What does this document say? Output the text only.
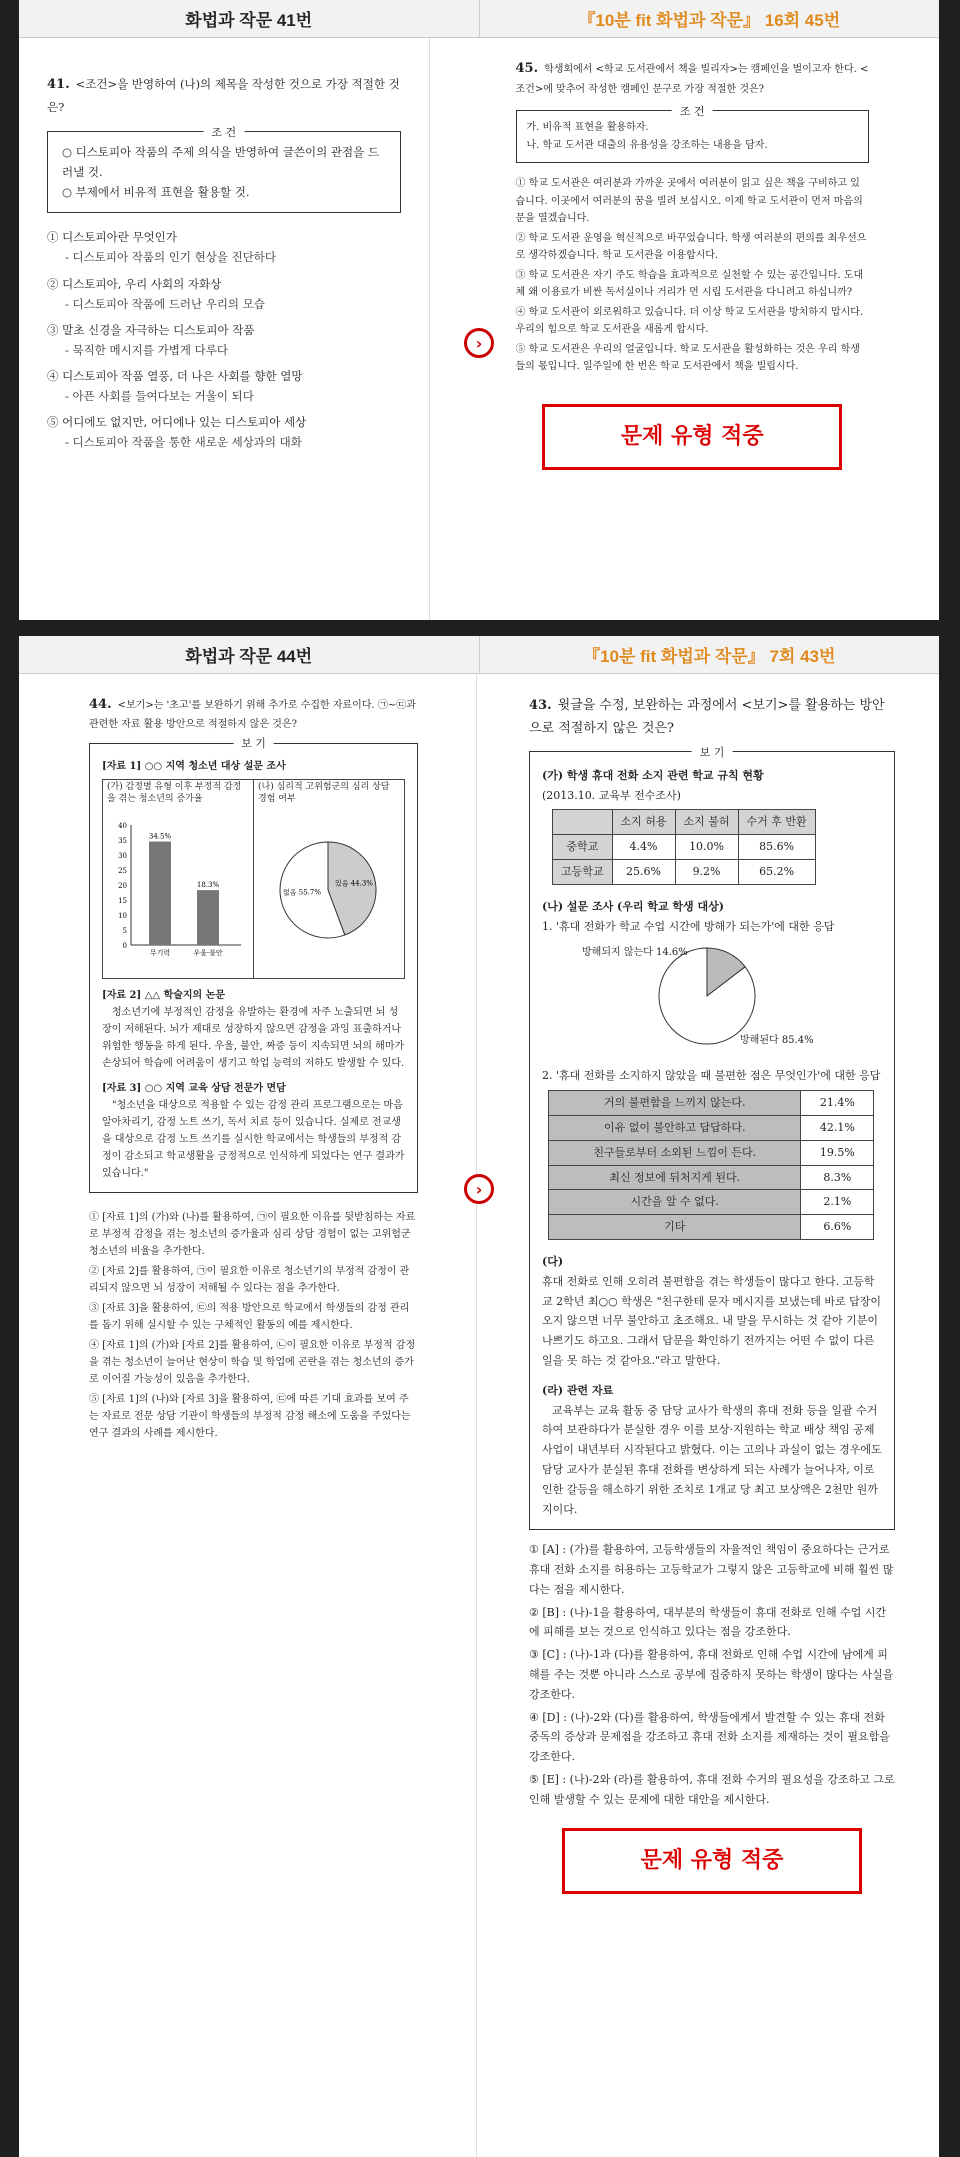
화법과 작문 41번	『10분 fit 화법과 작문』 16회 45번
41. <조건>을 반영하여 (나)의 제목을 작성한 것으로 가장 적절한 것은?
조 건
○ 디스토피아 작품의 주제 의식을 반영하여 글쓴이의 관점을 드러낼 것.
○ 부제에서 비유적 표현을 활용할 것.
① 디스토피아란 무엇인가
- 디스토피아 작품의 인기 현상을 진단하다
② 디스토피아, 우리 사회의 자화상
- 디스토피아 작품에 드러난 우리의 모습
③ 말초 신경을 자극하는 디스토피아 작품
- 묵직한 메시지를 가볍게 다루다
④ 디스토피아 작품 열풍, 더 나은 사회를 향한 열망
- 아픈 사회를 들여다보는 거울이 되다
⑤ 어디에도 없지만, 어디에나 있는 디스토피아 세상
- 디스토피아 작품을 통한 새로운 세상과의 대화
45. 학생회에서 <학교 도서관에서 책을 빌리자>는 캠페인을 벌이고자 한다. <조건>에 맞추어 작성한 캠페인 문구로 가장 적절한 것은?
조 건
가. 비유적 표현을 활용하자.
나. 학교 도서관 대출의 유용성을 강조하는 내용을 담자.
① 학교 도서관은 여러분과 가까운 곳에서 여러분이 읽고 싶은 책을 구비하고 있습니다. 이곳에서 여러분의 꿈을 빌려 보십시오. 이제 학교 도서관이 먼저 마음의 문을 열겠습니다.
② 학교 도서관 운영을 혁신적으로 바꾸었습니다. 학생 여러분의 편의를 최우선으로 생각하겠습니다. 학교 도서관을 이용합시다.
③ 학교 도서관은 자기 주도 학습을 효과적으로 실천할 수 있는 공간입니다. 도대체 왜 이용료가 비싼 독서실이나 거리가 먼 시립 도서관을 다니려고 하십니까?
④ 학교 도서관이 외로워하고 있습니다. 더 이상 학교 도서관을 방치하지 맙시다. 우리의 힘으로 학교 도서관을 새롭게 합시다.
⑤ 학교 도서관은 우리의 얼굴입니다. 학교 도서관을 활성화하는 것은 우리 학생들의 몫입니다. 일주일에 한 번은 학교 도서관에서 책을 빌립시다.
문제 유형 적중
›
화법과 작문 44번	『10분 fit 화법과 작문』 7회 43번
44. <보기>는 '초고'를 보완하기 위해 추가로 수집한 자료이다. ㉠~㉢과 관련한 자료 활용 방안으로 적절하지 않은 것은?
보 기
[자료 1] ○○ 지역 청소년 대상 설문 조사
(가) 감정별 유형 이후 부정적 감정을 겪는 청소년의 증가율
0
5
10
15
20
25
30
35
40
34.5%
무기력
18.3%
우울·불안
(나) 심리적 고위험군의 심리 상담 경험 여부
있음 44.3%
없음 55.7%
[자료 2] △△ 학술지의 논문
청소년기에 부정적인 감정을 유발하는 환경에 자주 노출되면 뇌 성장이 저해된다. 뇌가 제대로 성장하지 않으면 감정을 과잉 표출하거나 위험한 행동을 하게 된다. 우울, 불안, 짜증 등이 지속되면 뇌의 해마가 손상되어 학습에 어려움이 생기고 학업 능력의 저하도 발생할 수 있다.
[자료 3] ○○ 지역 교육 상담 전문가 면담
"청소년을 대상으로 적용할 수 있는 감정 관리 프로그램으로는 마음 알아차리기, 감정 노트 쓰기, 독서 치료 등이 있습니다. 실제로 전교생을 대상으로 감정 노트 쓰기를 실시한 학교에서는 학생들의 부정적 감정이 감소되고 학교생활을 긍정적으로 인식하게 되었다는 연구 결과가 있습니다."
① [자료 1]의 (가)와 (나)를 활용하여, ㉠이 필요한 이유를 뒷받침하는 자료로 부정적 감정을 겪는 청소년의 증가율과 심리 상담 경험이 없는 고위험군 청소년의 비율을 추가한다.
② [자료 2]를 활용하여, ㉠이 필요한 이유로 청소년기의 부정적 감정이 관리되지 않으면 뇌 성장이 저해될 수 있다는 점을 추가한다.
③ [자료 3]을 활용하여, ㉢의 적용 방안으로 학교에서 학생들의 감정 관리를 돕기 위해 실시할 수 있는 구체적인 활동의 예를 제시한다.
④ [자료 1]의 (가)와 [자료 2]를 활용하여, ㉡이 필요한 이유로 부정적 감정을 겪는 청소년이 늘어난 현상이 학습 및 학업에 곤란을 겪는 청소년의 증가로 이어질 가능성이 있음을 추가한다.
⑤ [자료 1]의 (나)와 [자료 3]을 활용하여, ㉢에 따른 기대 효과를 보여 주는 자료로 전문 상담 기관이 학생들의 부정적 감정 해소에 도움을 주었다는 연구 결과의 사례를 제시한다.
43. 윗글을 수정, 보완하는 과정에서 <보기>를 활용하는 방안으로 적절하지 않은 것은?
보 기
(가) 학생 휴대 전화 소지 관련 학교 규칙 현황
(2013.10. 교육부 전수조사)
	소지 허용	소지 불허	수거 후 반환
중학교	4.4%	10.0%	85.6%
고등학교	25.6%	9.2%	65.2%
(나) 설문 조사 (우리 학교 학생 대상)
1. '휴대 전화가 학교 수업 시간에 방해가 되는가'에 대한 응답
방해되지 않는다 14.6%
방해된다 85.4%
2. '휴대 전화를 소지하지 않았을 때 불편한 점은 무엇인가'에 대한 응답
거의 불편함을 느끼지 않는다.	21.4%
이유 없이 불안하고 답답하다.	42.1%
친구들로부터 소외된 느낌이 든다.	19.5%
최신 정보에 뒤처지게 된다.	8.3%
시간을 알 수 없다.	2.1%
기타	6.6%
(다)
휴대 전화로 인해 오히려 불편함을 겪는 학생들이 많다고 한다. 고등학교 2학년 최○○ 학생은 "친구한테 문자 메시지를 보냈는데 바로 답장이 오지 않으면 너무 불안하고 초조해요. 내 말을 무시하는 것 같아 기분이 나쁘기도 하고요. 그래서 답문을 확인하기 전까지는 어떤 수 없이 다른 일을 못 하는 것 같아요."라고 말한다.
(라) 관련 자료
교육부는 교육 활동 중 담당 교사가 학생의 휴대 전화 등을 일괄 수거하여 보관하다가 분실한 경우 이를 보상·지원하는 학교 배상 책임 공제 사업이 내년부터 시작된다고 밝혔다. 이는 고의나 과실이 없는 경우에도 담당 교사가 분실된 휴대 전화를 변상하게 되는 사례가 늘어나자, 이로 인한 갈등을 해소하기 위한 조치로 1개교 당 최고 보상액은 2천만 원까지이다.
① [A] : (가)를 활용하여, 고등학생들의 자율적인 책임이 중요하다는 근거로 휴대 전화 소지를 허용하는 고등학교가 그렇지 않은 고등학교에 비해 훨씬 많다는 점을 제시한다.
② [B] : (나)-1을 활용하여, 대부분의 학생들이 휴대 전화로 인해 수업 시간에 피해를 보는 것으로 인식하고 있다는 점을 강조한다.
③ [C] : (나)-1과 (다)를 활용하여, 휴대 전화로 인해 수업 시간에 남에게 피해를 주는 것뿐 아니라 스스로 공부에 집중하지 못하는 학생이 많다는 사실을 강조한다.
④ [D] : (나)-2와 (다)를 활용하여, 학생들에게서 발견할 수 있는 휴대 전화 중독의 증상과 문제점을 강조하고 휴대 전화 소지를 제재하는 것이 필요함을 강조한다.
⑤ [E] : (나)-2와 (라)를 활용하여, 휴대 전화 수거의 필요성을 강조하고 그로 인해 발생할 수 있는 문제에 대한 대안을 제시한다.
문제 유형 적중
›
